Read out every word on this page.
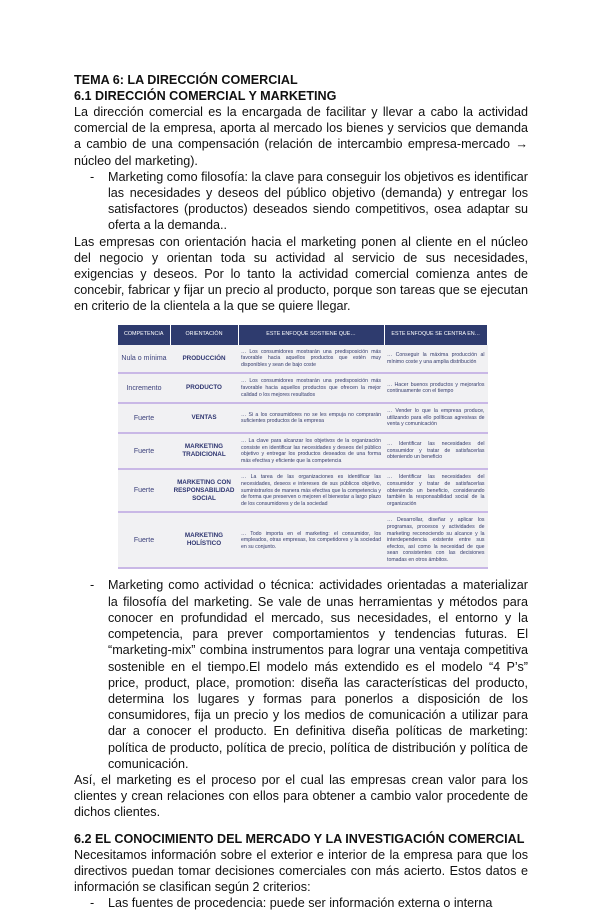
TEMA 6: LA DIRECCIÓN COMERCIAL
6.1 DIRECCIÓN COMERCIAL Y MARKETING

La dirección comercial es la encargada de facilitar y llevar a cabo la actividad comercial de la empresa, aporta al mercado los bienes y servicios que demanda a cambio de una compensación (relación de intercambio empresa-mercado → núcleo del marketing).

- Marketing como filosofía: la clave para conseguir los objetivos es identificar las necesidades y deseos del público objetivo (demanda) y entregar los satisfactores (productos) deseados siendo competitivos, osea adaptar su oferta a la demanda..

Las empresas con orientación hacia el marketing ponen al cliente en el núcleo del negocio y orientan toda su actividad al servicio de sus necesidades, exigencias y deseos. Por lo tanto la actividad comercial comienza antes de concebir, fabricar y fijar un precio al producto, porque son tareas que se ejecutan en criterio de la clientela a la que se quiere llegar.

COMPETENCIA	ORIENTACIÓN	ESTE ENFOQUE SOSTIENE QUE…	ESTE ENFOQUE SE CENTRA EN…
Nula o mínima	PRODUCCIÓN	… Los consumidores mostrarán una predisposición más favorable hacia aquellos productos que estén muy disponibles y sean de bajo coste	… Conseguir la máxima producción al mínimo coste y una amplia distribución
Incremento	PRODUCTO	… Los consumidores mostrarán una predisposición más favorable hacia aquellos productos que ofrecen la mejor calidad o los mejores resultados	… Hacer buenos productos y mejorarlos continuamente con el tiempo
Fuerte	VENTAS	… Si a los consumidores no se les empuja no comprarán suficientes productos de la empresa	… Vender lo que la empresa produce, utilizando para ello políticas agresivas de venta y comunicación
Fuerte	MARKETING TRADICIONAL	… La clave para alcanzar los objetivos de la organización consiste en identificar las necesidades y deseos del público objetivo y entregar los productos deseados de una forma más efectiva y eficiente que la competencia	… Identificar las necesidades del consumidor y tratar de satisfacerlas obteniendo un beneficio
Fuerte	MARKETING CON RESPONSABILIDAD SOCIAL	… La tarea de las organizaciones es identificar las necesidades, deseos e intereses de sus públicos objetivo, suministrarlos de manera más efectiva que la competencia y de forma que preserven o mejoren el bienestar a largo plazo de los consumidores y de la sociedad	… Identificar las necesidades del consumidor y tratar de satisfacerlas obteniendo un beneficio, considerando también la responsabilidad social de la organización
Fuerte	MARKETING HOLÍSTICO	… Todo importa en el marketing: el consumidor, los empleados, otras empresas, los competidores y la sociedad en su conjunto.	… Desarrollar, diseñar y aplicar los programas, procesos y actividades de marketing reconociendo su alcance y la interdependencia existente entre sus efectos, así como la necesidad de que sean consistentes con las decisiones tomadas en otros ámbitos.
- Marketing como actividad o técnica: actividades orientadas a materializar la filosofía del marketing. Se vale de unas herramientas y métodos para conocer en profundidad el mercado, sus necesidades, el entorno y la competencia, para prever comportamientos y tendencias futuras. El “marketing-mix” combina instrumentos para lograr una ventaja competitiva sostenible en el tiempo.El modelo más extendido es el modelo “4 P’s” price, product, place, promotion: diseña las características del producto, determina los lugares y formas para ponerlos a disposición de los consumidores, fija un precio y los medios de comunicación a utilizar para dar a conocer el producto. En definitiva diseña políticas de marketing: política de producto, política de precio, política de distribución y política de comunicación.

Así, el marketing es el proceso por el cual las empresas crean valor para los clientes y crean relaciones con ellos para obtener a cambio valor procedente de dichos clientes.

6.2 EL CONOCIMIENTO DEL MERCADO Y LA INVESTIGACIÓN COMERCIAL

Necesitamos información sobre el exterior e interior de la empresa para que los directivos puedan tomar decisiones comerciales con más acierto. Estos datos e información se clasifican según 2 criterios:

- Las fuentes de procedencia: puede ser información externa o interna
